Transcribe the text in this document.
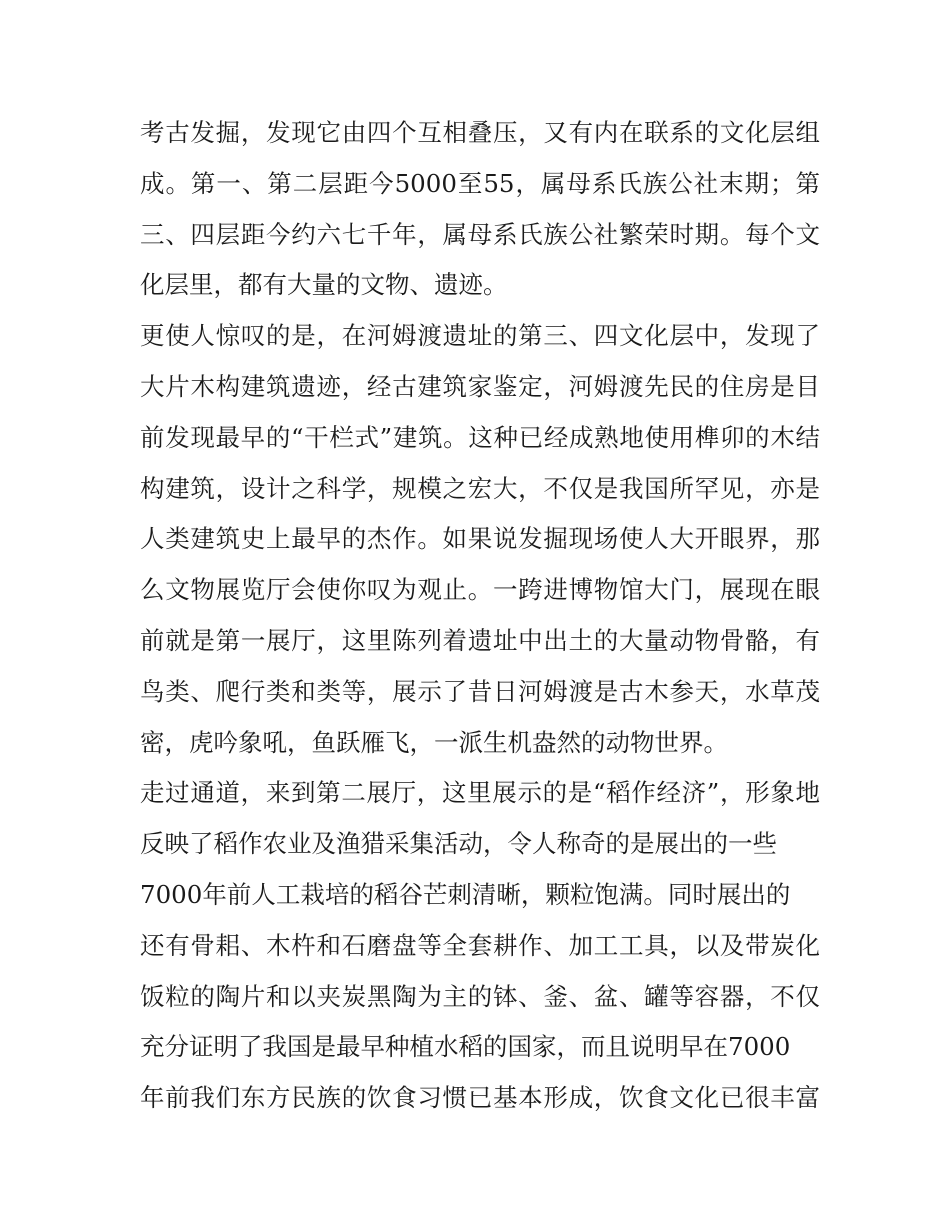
考古发掘，发现它由四个互相叠压，又有内在联系的文化层组
成。第一、第二层距今5000至55，属母系氏族公社末期；第
三、四层距今约六七千年，属母系氏族公社繁荣时期。每个文
化层里，都有大量的文物、遗迹。
更使人惊叹的是，在河姆渡遗址的第三、四文化层中，发现了
大片木构建筑遗迹，经古建筑家鉴定，河姆渡先民的住房是目
前发现最早的“干栏式”建筑。这种已经成熟地使用榫卯的木结
构建筑，设计之科学，规模之宏大，不仅是我国所罕见，亦是
人类建筑史上最早的杰作。如果说发掘现场使人大开眼界，那
么文物展览厅会使你叹为观止。一跨进博物馆大门，展现在眼
前就是第一展厅，这里陈列着遗址中出土的大量动物骨骼，有
鸟类、爬行类和类等，展示了昔日河姆渡是古木参天，水草茂
密，虎吟象吼，鱼跃雁飞，一派生机盎然的动物世界。
走过通道，来到第二展厅，这里展示的是“稻作经济”，形象地
反映了稻作农业及渔猎采集活动，令人称奇的是展出的一些
7000年前人工栽培的稻谷芒刺清晰，颗粒饱满。同时展出的
还有骨耜、木杵和石磨盘等全套耕作、加工工具，以及带炭化
饭粒的陶片和以夹炭黑陶为主的钵、釜、盆、罐等容器，不仅
充分证明了我国是最早种植水稻的国家，而且说明早在7000
年前我们东方民族的饮食习惯已基本形成，饮食文化已很丰富
